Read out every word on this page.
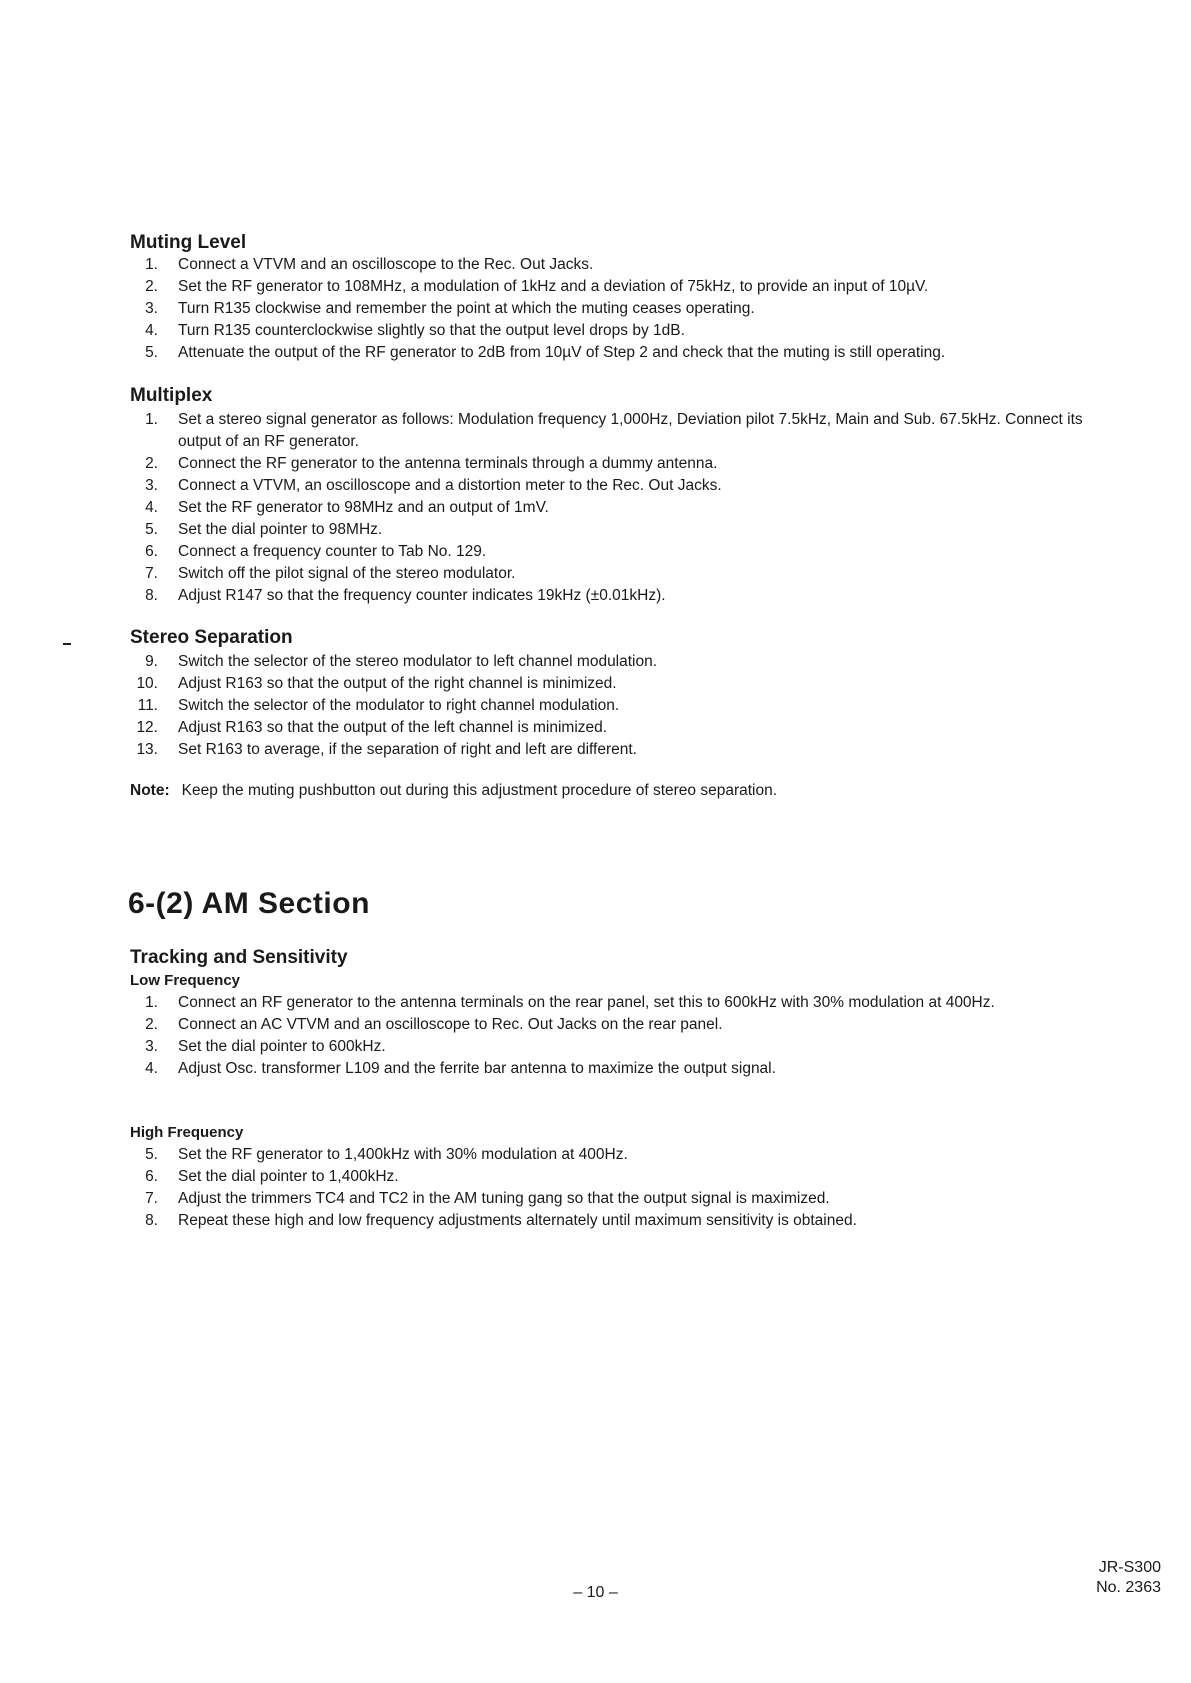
Muting Level
1. Connect a VTVM and an oscilloscope to the Rec. Out Jacks.
2. Set the RF generator to 108MHz, a modulation of 1kHz and a deviation of 75kHz, to provide an input of 10µV.
3. Turn R135 clockwise and remember the point at which the muting ceases operating.
4. Turn R135 counterclockwise slightly so that the output level drops by 1dB.
5. Attenuate the output of the RF generator to 2dB from 10µV of Step 2 and check that the muting is still operating.
Multiplex
1. Set a stereo signal generator as follows: Modulation frequency 1,000Hz, Deviation pilot 7.5kHz, Main and Sub. 67.5kHz. Connect its output of an RF generator.
2. Connect the RF generator to the antenna terminals through a dummy antenna.
3. Connect a VTVM, an oscilloscope and a distortion meter to the Rec. Out Jacks.
4. Set the RF generator to 98MHz and an output of 1mV.
5. Set the dial pointer to 98MHz.
6. Connect a frequency counter to Tab No. 129.
7. Switch off the pilot signal of the stereo modulator.
8. Adjust R147 so that the frequency counter indicates 19kHz (±0.01kHz).
Stereo Separation
9. Switch the selector of the stereo modulator to left channel modulation.
10. Adjust R163 so that the output of the right channel is minimized.
11. Switch the selector of the modulator to right channel modulation.
12. Adjust R163 so that the output of the left channel is minimized.
13. Set R163 to average, if the separation of right and left are different.
Note: Keep the muting pushbutton out during this adjustment procedure of stereo separation.
6-(2) AM Section
Tracking and Sensitivity
Low Frequency
1. Connect an RF generator to the antenna terminals on the rear panel, set this to 600kHz with 30% modulation at 400Hz.
2. Connect an AC VTVM and an oscilloscope to Rec. Out Jacks on the rear panel.
3. Set the dial pointer to 600kHz.
4. Adjust Osc. transformer L109 and the ferrite bar antenna to maximize the output signal.
High Frequency
5. Set the RF generator to 1,400kHz with 30% modulation at 400Hz.
6. Set the dial pointer to 1,400kHz.
7. Adjust the trimmers TC4 and TC2 in the AM tuning gang so that the output signal is maximized.
8. Repeat these high and low frequency adjustments alternately until maximum sensitivity is obtained.
– 10 –
JR-S300
No. 2363
